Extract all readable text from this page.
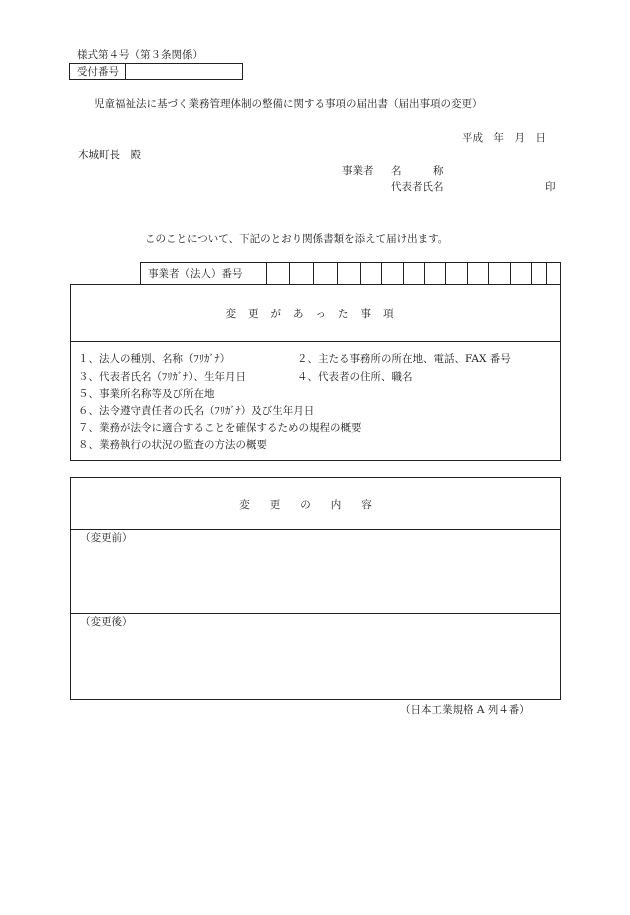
様式第４号（第３条関係）
受付番号
児童福祉法に基づく業務管理体制の整備に関する事項の届出書（届出事項の変更）
平成　年　月　日
木城町長　殿
事業者 名　　　称
代表者氏名	印
このことについて、下記のとおり関係書類を添えて届け出ます。
事業者（法人）番号
変更があった事項
１、法人の種別、名称（ﾌﾘｶﾞﾅ）	２、主たる事務所の所在地、電話、FAX 番号
３、代表者氏名（ﾌﾘｶﾞﾅ）、生年月日	４、代表者の住所、職名
５、事業所名称等及び所在地
６、法令遵守責任者の氏名（ﾌﾘｶﾞﾅ）及び生年月日
７、業務が法令に適合することを確保するための規程の概要
８、業務執行の状況の監査の方法の概要
変更の内容
（変更前）
（変更後）
（日本工業規格 A 列４番）
